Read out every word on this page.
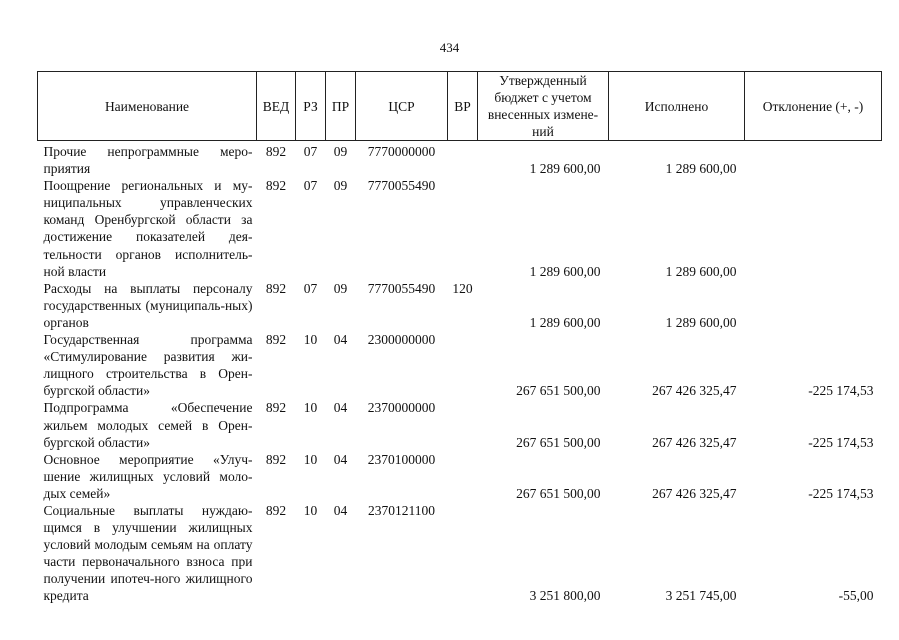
434
Наименование	ВЕД	РЗ	ПР	ЦСР	ВР	Утвержденный бюджет с учетом внесенных измене-ний	Исполнено	Отклонение (+, -)
Прочие непрограммные меро-приятия	892	07	09	7770000000		1 289 600,00	1 289 600,00	
Поощрение региональных и му-ниципальных управленческих команд Оренбургской области за достижение показателей дея-тельности органов исполнитель-ной власти	892	07	09	7770055490		1 289 600,00	1 289 600,00	
Расходы на выплаты персоналу государственных (муниципаль-ных) органов	892	07	09	7770055490	120	1 289 600,00	1 289 600,00	
Государственная программа «Стимулирование развития жи-лищного строительства в Орен-бургской области»	892	10	04	2300000000		267 651 500,00	267 426 325,47	-225 174,53
Подпрограмма «Обеспечение жильем молодых семей в Орен-бургской области»	892	10	04	2370000000		267 651 500,00	267 426 325,47	-225 174,53
Основное мероприятие «Улуч-шение жилищных условий моло-дых семей»	892	10	04	2370100000		267 651 500,00	267 426 325,47	-225 174,53
Социальные выплаты нуждаю-щимся в улучшении жилищных условий молодым семьям на оплату части первоначального взноса при получении ипотеч-ного жилищного кредита	892	10	04	2370121100		3 251 800,00	3 251 745,00	-55,00
